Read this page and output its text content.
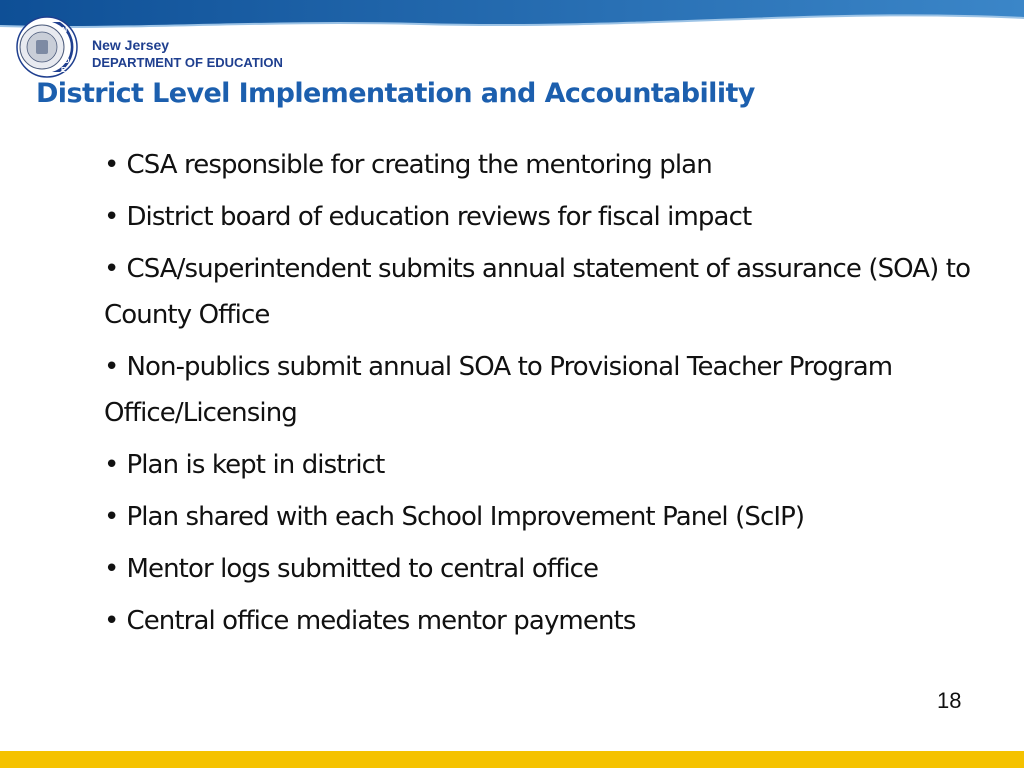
N
J
D
O
E
New Jersey
DEPARTMENT OF EDUCATION
District Level Implementation and Accountability
• CSA responsible for creating the mentoring plan
• District board of education reviews for fiscal impact
• CSA/superintendent submits annual statement of assurance (SOA) to County Office
• Non-publics submit annual SOA to Provisional Teacher Program Office/Licensing
• Plan is kept in district
• Plan shared with each School Improvement Panel (ScIP)
• Mentor logs submitted to central office
• Central office mediates mentor payments
18
